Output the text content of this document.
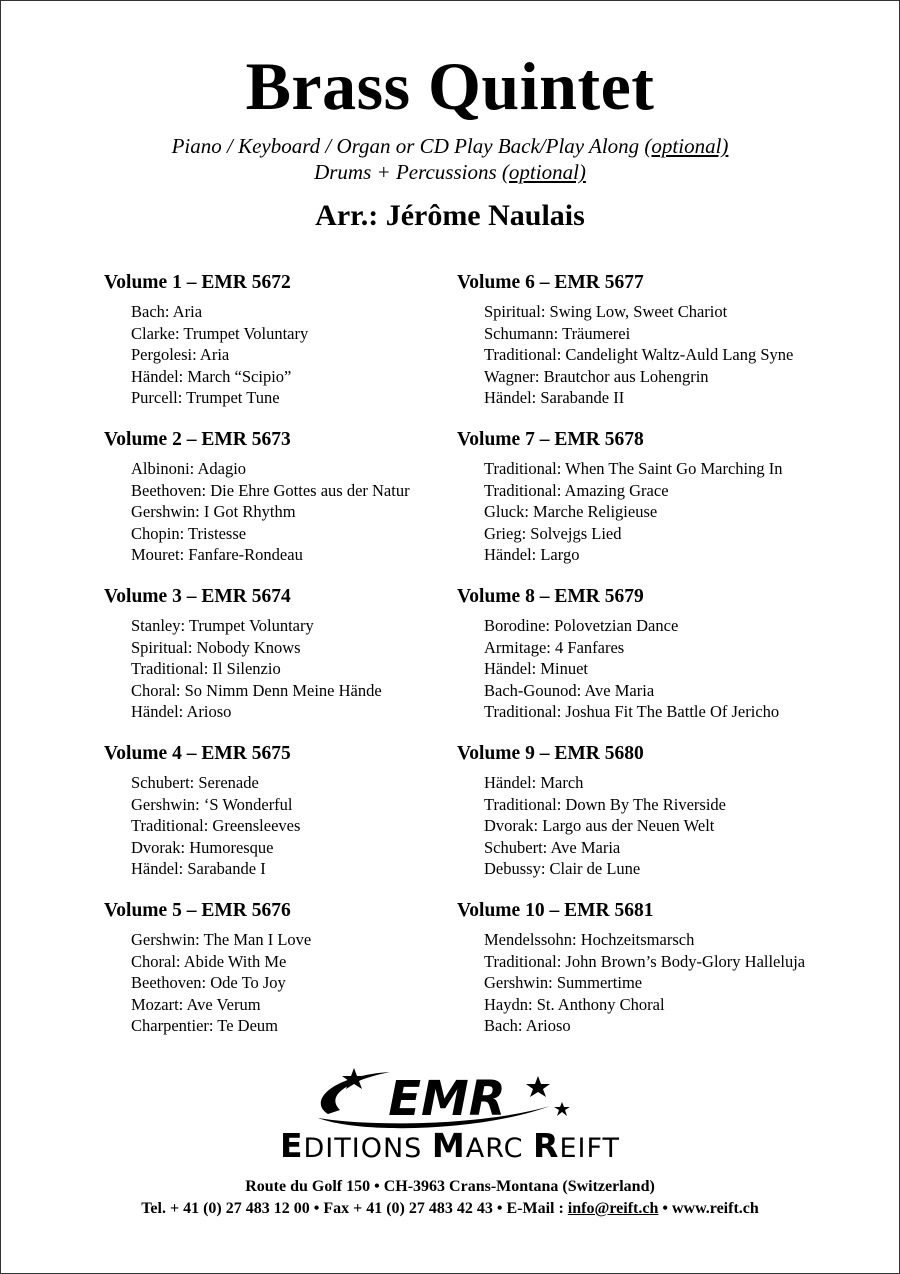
Brass Quintet
Piano / Keyboard / Organ or CD Play Back/Play Along (optional)
Drums + Percussions (optional)
Arr.: Jérôme Naulais
Volume 1 – EMR 5672
Bach: Aria
Clarke: Trumpet Voluntary
Pergolesi: Aria
Händel: March “Scipio”
Purcell: Trumpet Tune
Volume 2 – EMR 5673
Albinoni: Adagio
Beethoven: Die Ehre Gottes aus der Natur
Gershwin: I Got Rhythm
Chopin: Tristesse
Mouret: Fanfare-Rondeau
Volume 3 – EMR 5674
Stanley: Trumpet Voluntary
Spiritual: Nobody Knows
Traditional: Il Silenzio
Choral: So Nimm Denn Meine Hände
Händel: Arioso
Volume 4 – EMR 5675
Schubert: Serenade
Gershwin: ‘S Wonderful
Traditional: Greensleeves
Dvorak: Humoresque
Händel: Sarabande I
Volume 5 – EMR 5676
Gershwin: The Man I Love
Choral: Abide With Me
Beethoven: Ode To Joy
Mozart: Ave Verum
Charpentier: Te Deum
Volume 6 – EMR 5677
Spiritual: Swing Low, Sweet Chariot
Schumann: Träumerei
Traditional: Candelight Waltz-Auld Lang Syne
Wagner: Brautchor aus Lohengrin
Händel: Sarabande II
Volume 7 – EMR 5678
Traditional: When The Saint Go Marching In
Traditional: Amazing Grace
Gluck: Marche Religieuse
Grieg: Solvejgs Lied
Händel: Largo
Volume 8 – EMR 5679
Borodine: Polovetzian Dance
Armitage: 4 Fanfares
Händel: Minuet
Bach-Gounod: Ave Maria
Traditional: Joshua Fit The Battle Of Jericho
Volume 9 – EMR 5680
Händel: March
Traditional: Down By The Riverside
Dvorak: Largo aus der Neuen Welt
Schubert: Ave Maria
Debussy: Clair de Lune
Volume 10 – EMR 5681
Mendelssohn: Hochzeitsmarsch
Traditional: John Brown’s Body-Glory Halleluja
Gershwin: Summertime
Haydn: St. Anthony Choral
Bach: Arioso
EMR
EDITIONS MARC REIFT
Route du Golf 150 • CH-3963 Crans-Montana (Switzerland)
Tel. + 41 (0) 27 483 12 00 • Fax + 41 (0) 27 483 42 43 • E-Mail : info@reift.ch • www.reift.ch
